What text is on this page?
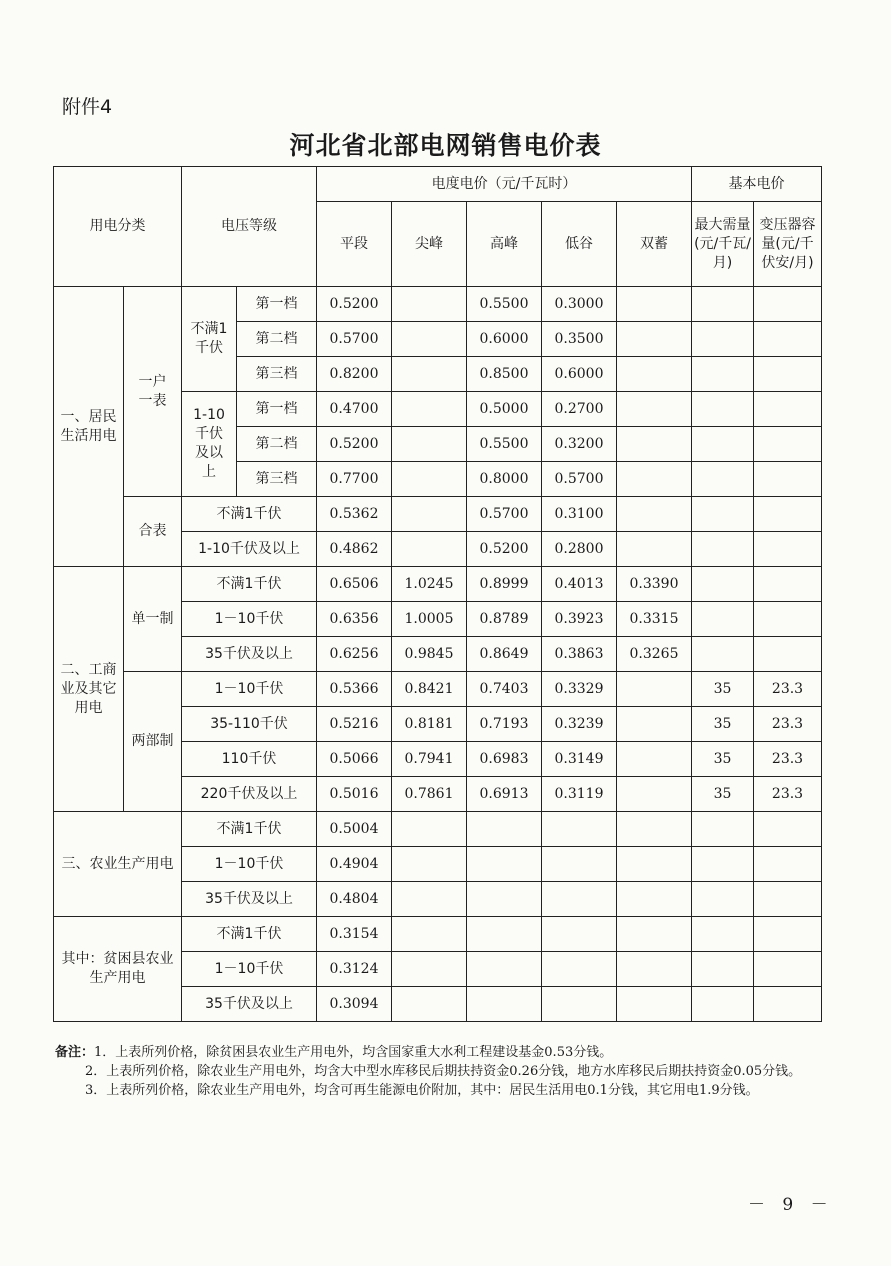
附件4
河北省北部电网销售电价表
用电分类		电压等级		电度电价（元/千瓦时）					基本电价	
				平段	尖峰	高峰	低谷	双蓄	最大需量(元/千瓦/月)	变压器容量(元/千伏安/月)
一、居民生活用电	一户一表	不满1千伏	第一档	0.5200		0.5500	0.3000			
			第二档	0.5700		0.6000	0.3500			
			第三档	0.8200		0.8500	0.6000			
		1-10千伏及以上	第一档	0.4700		0.5000	0.2700			
			第二档	0.5200		0.5500	0.3200			
			第三档	0.7700		0.8000	0.5700			
	合表	不满1千伏		0.5362		0.5700	0.3100			
		1-10千伏及以上		0.4862		0.5200	0.2800			
二、工商业及其它用电	单一制	不满1千伏		0.6506	1.0245	0.8999	0.4013	0.3390		
		1－10千伏		0.6356	1.0005	0.8789	0.3923	0.3315		
		35千伏及以上		0.6256	0.9845	0.8649	0.3863	0.3265		
	两部制	1－10千伏		0.5366	0.8421	0.7403	0.3329		35	23.3
		35-110千伏		0.5216	0.8181	0.7193	0.3239		35	23.3
		110千伏		0.5066	0.7941	0.6983	0.3149		35	23.3
		220千伏及以上		0.5016	0.7861	0.6913	0.3119		35	23.3
三、农业生产用电		不满1千伏		0.5004						
		1－10千伏		0.4904						
		35千伏及以上		0.4804						
其中：贫困县农业生产用电		不满1千伏		0.3154						
		1－10千伏		0.3124						
		35千伏及以上		0.3094						

备注：1．上表所列价格，除贫困县农业生产用电外，均含国家重大水利工程建设基金0.53分钱。

2．上表所列价格，除农业生产用电外，均含大中型水库移民后期扶持资金0.26分钱，地方水库移民后期扶持资金0.05分钱。

3．上表所列价格，除农业生产用电外，均含可再生能源电价附加，其中：居民生活用电0.1分钱，其它用电1.9分钱。

－ 9 －
